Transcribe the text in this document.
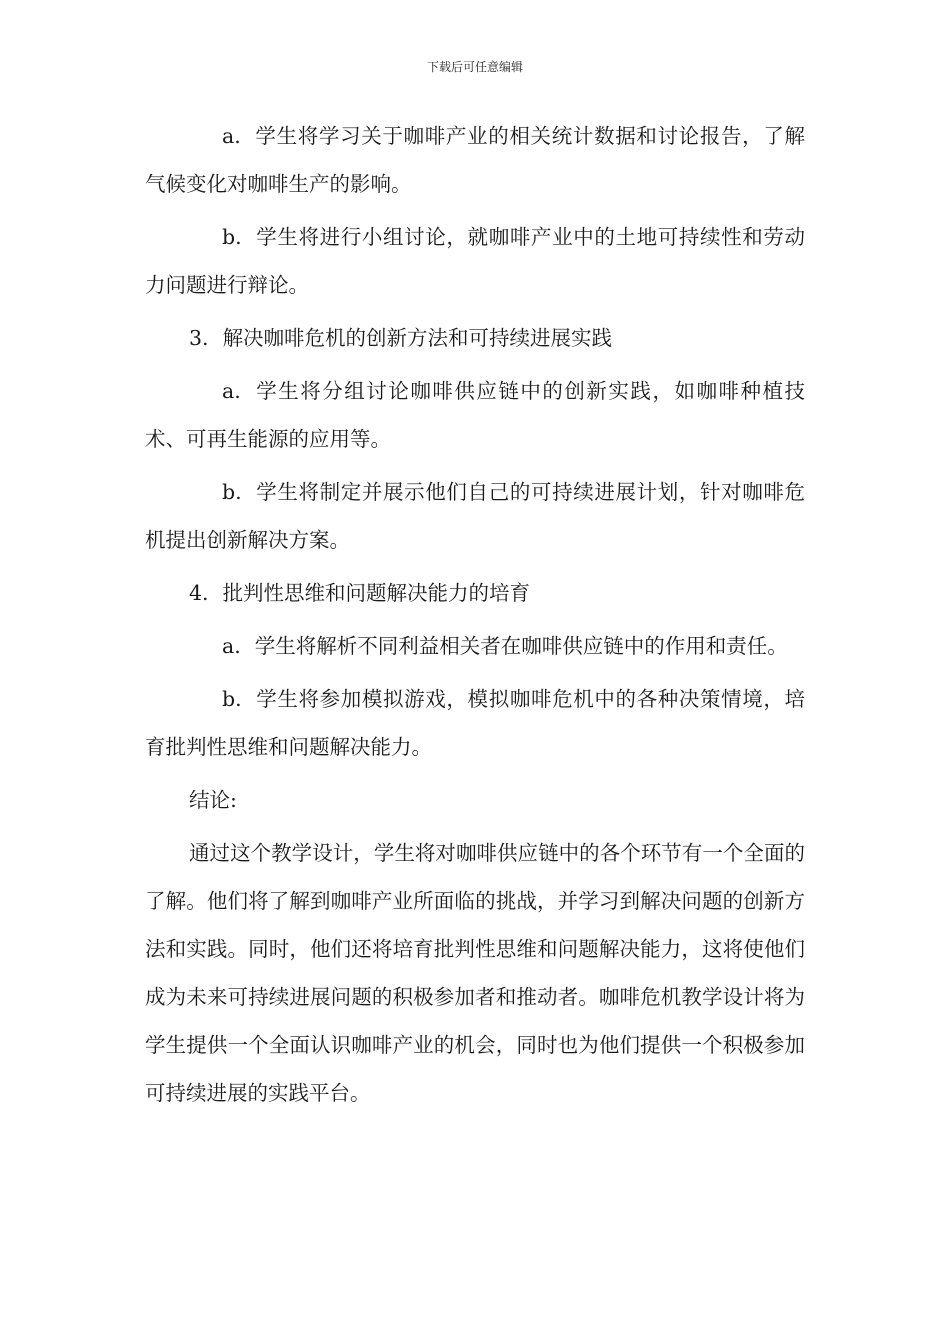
下载后可任意编辑

a. 学生将学习关于咖啡产业的相关统计数据和讨论报告，了解气候变化对咖啡生产的影响。

b. 学生将进行小组讨论，就咖啡产业中的土地可持续性和劳动力问题进行辩论。

3. 解决咖啡危机的创新方法和可持续进展实践

a. 学生将分组讨论咖啡供应链中的创新实践，如咖啡种植技术、可再生能源的应用等。

b. 学生将制定并展示他们自己的可持续进展计划，针对咖啡危机提出创新解决方案。

4. 批判性思维和问题解决能力的培育

a. 学生将解析不同利益相关者在咖啡供应链中的作用和责任。

b. 学生将参加模拟游戏，模拟咖啡危机中的各种决策情境，培育批判性思维和问题解决能力。

结论:

通过这个教学设计，学生将对咖啡供应链中的各个环节有一个全面的了解。他们将了解到咖啡产业所面临的挑战，并学习到解决问题的创新方法和实践。同时，他们还将培育批判性思维和问题解决能力，这将使他们成为未来可持续进展问题的积极参加者和推动者。咖啡危机教学设计将为学生提供一个全面认识咖啡产业的机会，同时也为他们提供一个积极参加可持续进展的实践平台。
